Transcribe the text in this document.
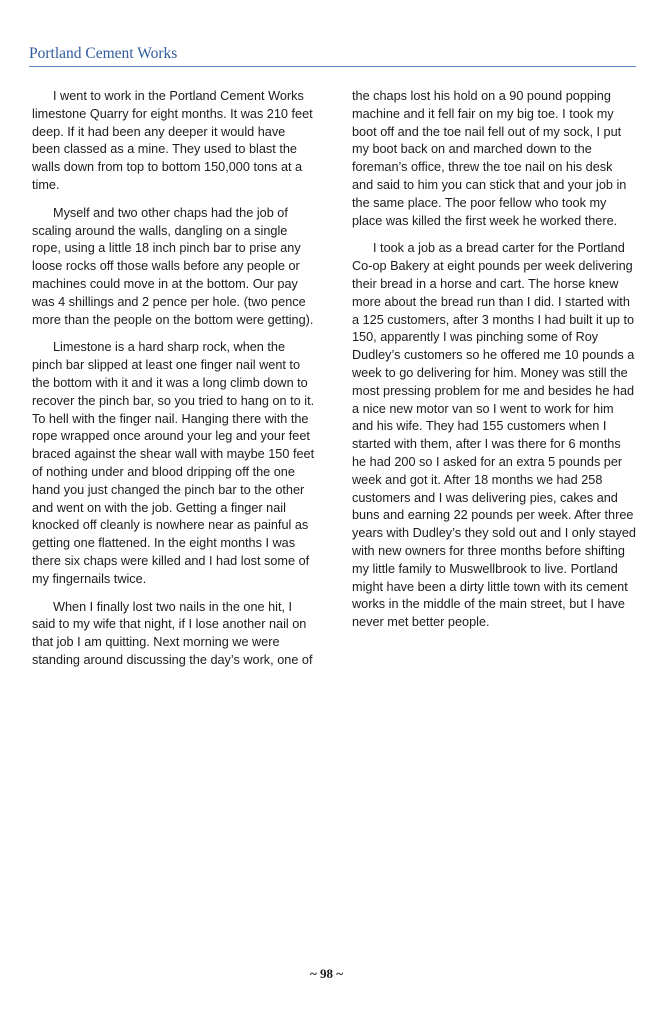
Portland Cement Works

I went to work in the Portland Cement Works limestone Quarry for eight months. It was 210 feet deep. If it had been any deeper it would have been classed as a mine. They used to blast the walls down from top to bottom 150,000 tons at a time.

Myself and two other chaps had the job of scaling around the walls, dangling on a single rope, using a little 18 inch pinch bar to prise any loose rocks off those walls before any people or machines could move in at the bottom. Our pay was 4 shillings and 2 pence per hole. (two pence more than the people on the bottom were getting).

Limestone is a hard sharp rock, when the pinch bar slipped at least one finger nail went to the bottom with it and it was a long climb down to recover the pinch bar, so you tried to hang on to it. To hell with the finger nail. Hanging there with the rope wrapped once around your leg and your feet braced against the shear wall with maybe 150 feet of nothing under and blood dripping off the one hand you just changed the pinch bar to the other and went on with the job. Getting a finger nail knocked off cleanly is nowhere near as painful as getting one flattened. In the eight months I was there six chaps were killed and I had lost some of my fingernails twice.

When I finally lost two nails in the one hit, I said to my wife that night, if I lose another nail on that job I am quitting. Next morning we were standing around discussing the day’s work, one of

the chaps lost his hold on a 90 pound popping machine and it fell fair on my big toe. I took my boot off and the toe nail fell out of my sock, I put my boot back on and marched down to the foreman’s office, threw the toe nail on his desk and said to him you can stick that and your job in the same place. The poor fellow who took my place was killed the first week he worked there.

I took a job as a bread carter for the Portland Co-op Bakery at eight pounds per week delivering their bread in a horse and cart. The horse knew more about the bread run than I did. I started with a 125 customers, after 3 months I had built it up to 150, apparently I was pinching some of Roy Dudley’s customers so he offered me 10 pounds a week to go delivering for him. Money was still the most pressing problem for me and besides he had a nice new motor van so I went to work for him and his wife. They had 155 customers when I started with them, after I was there for 6 months he had 200 so I asked for an extra 5 pounds per week and got it. After 18 months we had 258 customers and I was delivering pies, cakes and buns and earning 22 pounds per week. After three years with Dudley’s they sold out and I only stayed with new owners for three months before shifting my little family to Muswellbrook to live. Portland might have been a dirty little town with its cement works in the middle of the main street, but I have never met better people.

~ 98 ~
